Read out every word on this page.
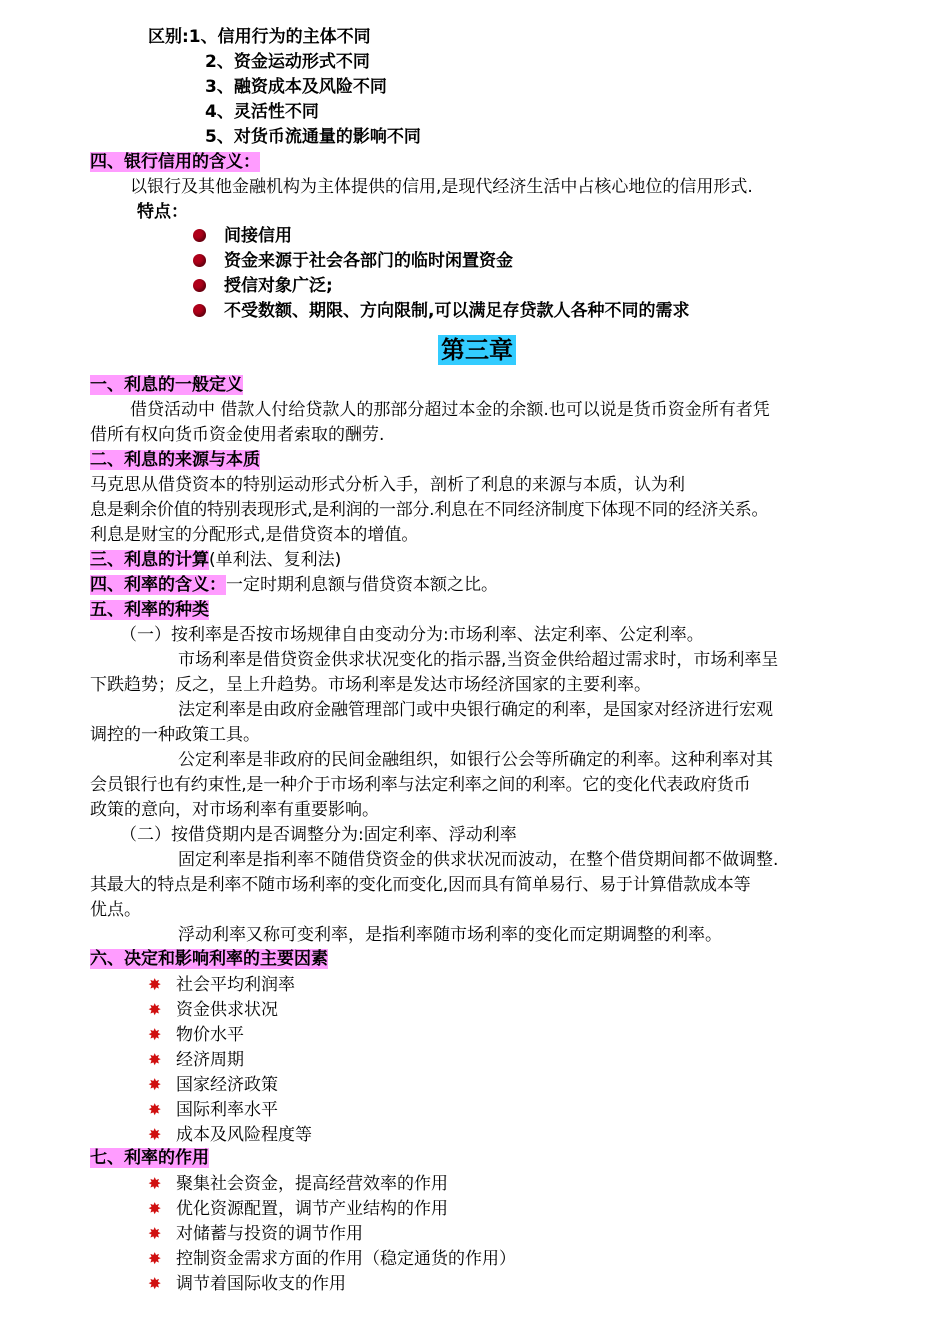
区别:1、信用行为的主体不同
2、资金运动形式不同
3、融资成本及风险不同
4、灵活性不同
5、对货币流通量的影响不同
四、银行信用的含义：
以银行及其他金融机构为主体提供的信用,是现代经济生活中占核心地位的信用形式.
特点：
间接信用
资金来源于社会各部门的临时闲置资金
授信对象广泛;
不受数额、期限、方向限制,可以满足存贷款人各种不同的需求
第三章
一、利息的一般定义
借贷活动中 借款人付给贷款人的那部分超过本金的余额.也可以说是货币资金所有者凭
借所有权向货币资金使用者索取的酬劳.
二、利息的来源与本质
马克思从借贷资本的特别运动形式分析入手，剖析了利息的来源与本质，认为利
息是剩余价值的特别表现形式,是利润的一部分.利息在不同经济制度下体现不同的经济关系。
利息是财宝的分配形式,是借贷资本的增值。
三、利息的计算(单利法、复利法)
四、利率的含义：一定时期利息额与借贷资本额之比。
五、利率的种类
（一）按利率是否按市场规律自由变动分为:市场利率、法定利率、公定利率。
市场利率是借贷资金供求状况变化的指示器,当资金供给超过需求时，市场利率呈
下跌趋势；反之，呈上升趋势。市场利率是发达市场经济国家的主要利率。
法定利率是由政府金融管理部门或中央银行确定的利率，是国家对经济进行宏观
调控的一种政策工具。
公定利率是非政府的民间金融组织，如银行公会等所确定的利率。这种利率对其
会员银行也有约束性,是一种介于市场利率与法定利率之间的利率。它的变化代表政府货币
政策的意向，对市场利率有重要影响。
（二）按借贷期内是否调整分为:固定利率、浮动利率
固定利率是指利率不随借贷资金的供求状况而波动，在整个借贷期间都不做调整.
其最大的特点是利率不随市场利率的变化而变化,因而具有简单易行、易于计算借款成本等
优点。
浮动利率又称可变利率，是指利率随市场利率的变化而定期调整的利率。
六、决定和影响利率的主要因素
✸ 社会平均利润率
✸ 资金供求状况
✸ 物价水平
✸ 经济周期
✸ 国家经济政策
✸ 国际利率水平
✸ 成本及风险程度等
七、利率的作用
✸ 聚集社会资金，提高经营效率的作用
✸ 优化资源配置，调节产业结构的作用
✸ 对储蓄与投资的调节作用
✸ 控制资金需求方面的作用（稳定通货的作用）
✸ 调节着国际收支的作用
